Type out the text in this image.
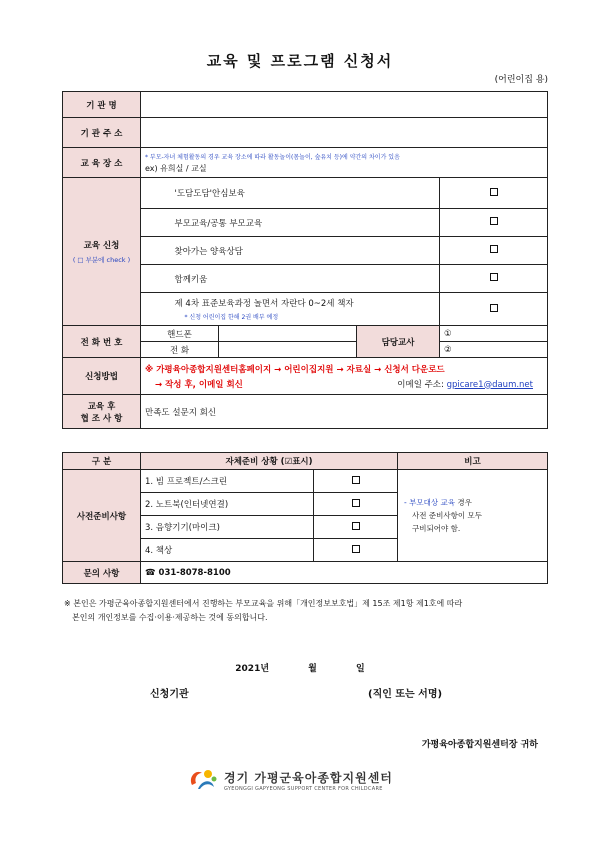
교육 및 프로그램 신청서
(어린이집 용)
기 관 명					
기 관 주 소					
교 육 장 소	* 부모-자녀 체험활동의 경우 교육 장소에 따라 활동놀이(몸놀이, 숲유치 등)에 약간의 차이가 있음
ex) 유희실 / 교실				

교육 신청
( □ 부분에 check )		'도담도담'안심보육			
		부모교육/공통 부모교육			
		찾아가는 양육상담			
		함께키움			

		제 4차 표준보육과정 놀면서 자란다 0~2세 책자
* 신청 어린이집 한해 2권 배부 예정			

전 화 번 호	핸드폰			담당교사	①
	전 화				②
신청방법	※ 가평육아종합지원센터홈페이지 → 어린이집지원 → 자료실 → 신청서 다운로드
→ 작성 후, 이메일 회신 이메일 주소: gpicare1@daum.net				

교육 후
협 조 사 항	만족도 설문지 회신				
구 분	자체준비 상황 (☑표시)		비고
사전준비사항	1. 빔 프로젝트/스크린		- 부모대상 교육 경우
사전 준비사항이 모두
구비되어야 함.

	2. 노트북(인터넷연결)		
	3. 음향기기(마이크)		
	4. 책상		
문의 사항	☎ 031-8078-8100		
※ 본인은 가평군육아종합지원센터에서 진행하는 부모교육을 위해「개인정보보호법」제 15조 제1항 제1호에 따라
본인의 개인정보를 수집·이용·제공하는 것에 동의합니다.
2021년	월	일
신청기관	(직인 또는 서명)
가평육아종합지원센터장 귀하
경기 가평군육아종합지원센터
GYEONGGI GAPYEONG SUPPORT CENTER FOR CHILDCARE
